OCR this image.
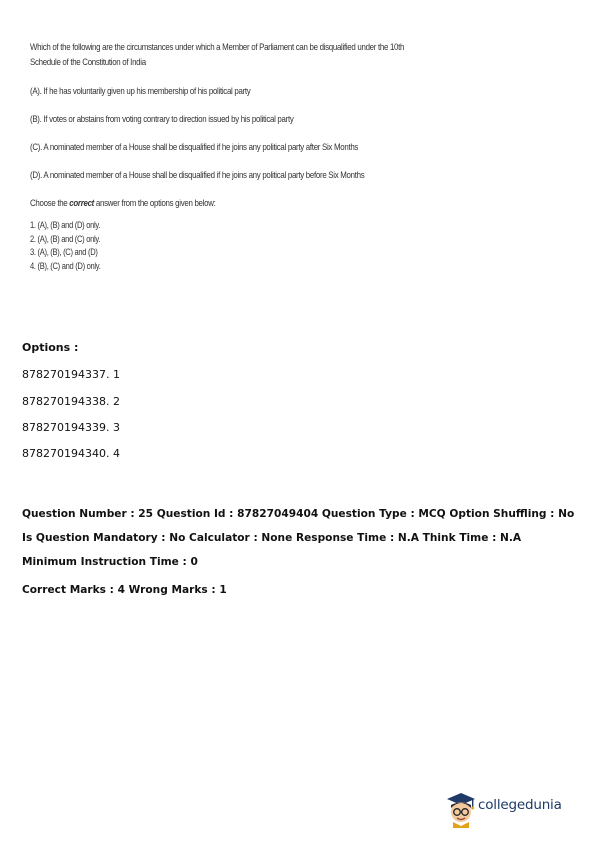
Which of the following are the circumstances under which a Member of Parliament can be disqualified under the 10th

Schedule of the Constitution of India

(A). If he has voluntarily given up his membership of his political party

(B). If votes or abstains from voting contrary to direction issued by his political party

(C). A nominated member of a House shall be disqualified if he joins any political party after Six Months

(D). A nominated member of a House shall be disqualified if he joins any political party before Six Months

Choose the correct answer from the options given below:

1. (A), (B) and (D) only.
2. (A), (B) and (C) only.
3. (A), (B), (C) and (D)
4. (B), (C) and (D) only.
Options :
878270194337. 1
878270194338. 2
878270194339. 3
878270194340. 4
Question Number : 25 Question Id : 87827049404 Question Type : MCQ Option Shuffling : No
Is Question Mandatory : No Calculator : None Response Time : N.A Think Time : N.A
Minimum Instruction Time : 0
Correct Marks : 4 Wrong Marks : 1
collegedunia
